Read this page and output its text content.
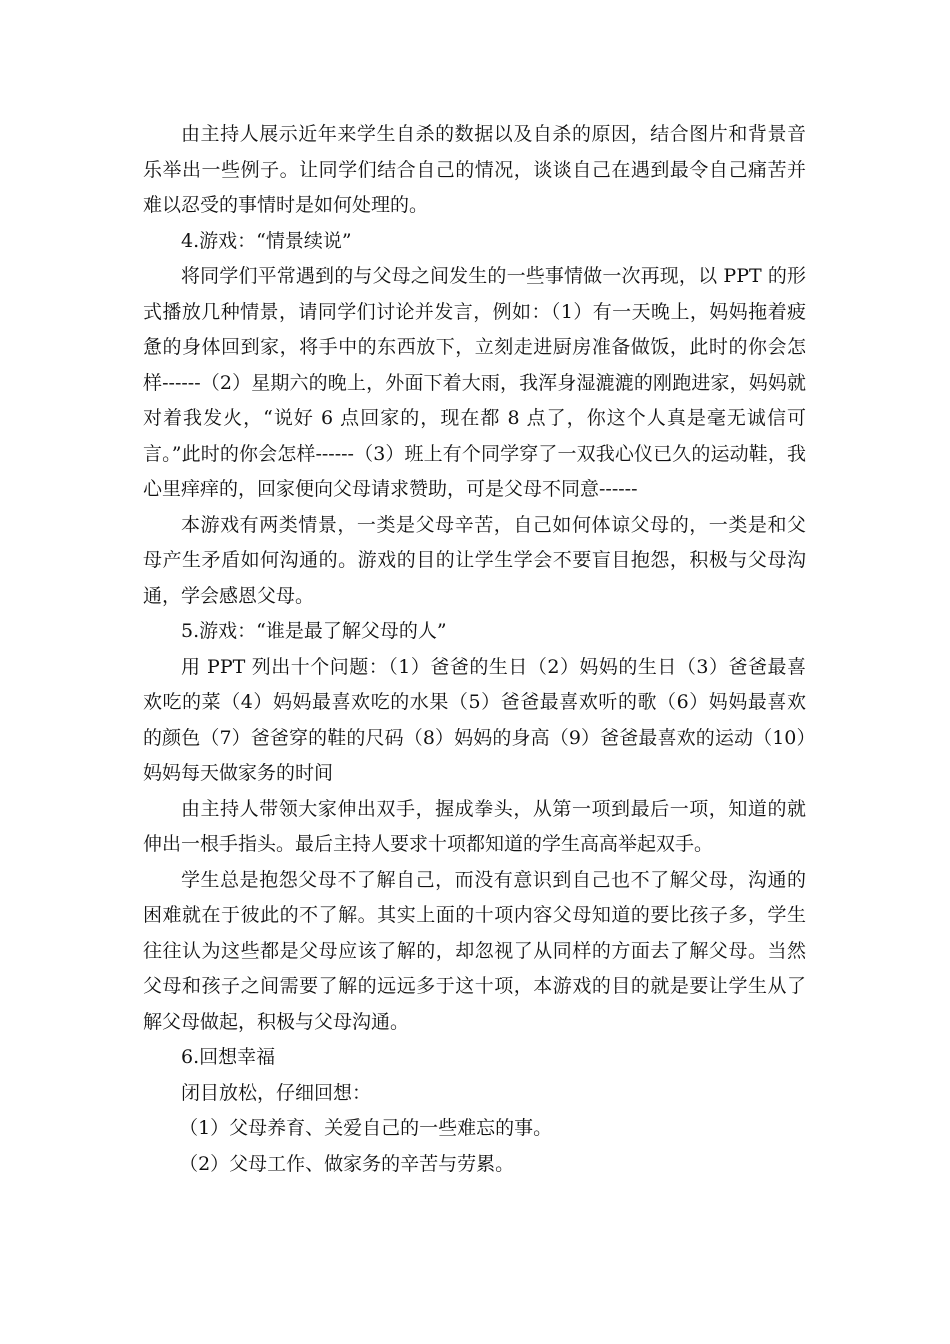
由主持人展示近年来学生自杀的数据以及自杀的原因，结合图片和背景音乐举出一些例子。让同学们结合自己的情况，谈谈自己在遇到最令自己痛苦并难以忍受的事情时是如何处理的。

4.游戏：“情景续说”

将同学们平常遇到的与父母之间发生的一些事情做一次再现，以 PPT 的形式播放几种情景，请同学们讨论并发言，例如：（1）有一天晚上，妈妈拖着疲惫的身体回到家，将手中的东西放下，立刻走进厨房准备做饭，此时的你会怎样------（2）星期六的晚上，外面下着大雨，我浑身湿漉漉的刚跑进家，妈妈就对着我发火，“说好 6 点回家的，现在都 8 点了，你这个人真是毫无诚信可言。”此时的你会怎样------（3）班上有个同学穿了一双我心仪已久的运动鞋，我心里痒痒的，回家便向父母请求赞助，可是父母不同意------

本游戏有两类情景，一类是父母辛苦，自己如何体谅父母的，一类是和父母产生矛盾如何沟通的。游戏的目的让学生学会不要盲目抱怨，积极与父母沟通，学会感恩父母。

5.游戏：“谁是最了解父母的人”

用 PPT 列出十个问题：（1）爸爸的生日（2）妈妈的生日（3）爸爸最喜欢吃的菜（4）妈妈最喜欢吃的水果（5）爸爸最喜欢听的歌（6）妈妈最喜欢的颜色（7）爸爸穿的鞋的尺码（8）妈妈的身高（9）爸爸最喜欢的运动（10）妈妈每天做家务的时间

由主持人带领大家伸出双手，握成拳头，从第一项到最后一项，知道的就伸出一根手指头。最后主持人要求十项都知道的学生高高举起双手。

学生总是抱怨父母不了解自己，而没有意识到自己也不了解父母，沟通的困难就在于彼此的不了解。其实上面的十项内容父母知道的要比孩子多，学生往往认为这些都是父母应该了解的，却忽视了从同样的方面去了解父母。当然父母和孩子之间需要了解的远远多于这十项，本游戏的目的就是要让学生从了解父母做起，积极与父母沟通。

6.回想幸福

闭目放松，仔细回想：

（1）父母养育、关爱自己的一些难忘的事。

（2）父母工作、做家务的辛苦与劳累。
